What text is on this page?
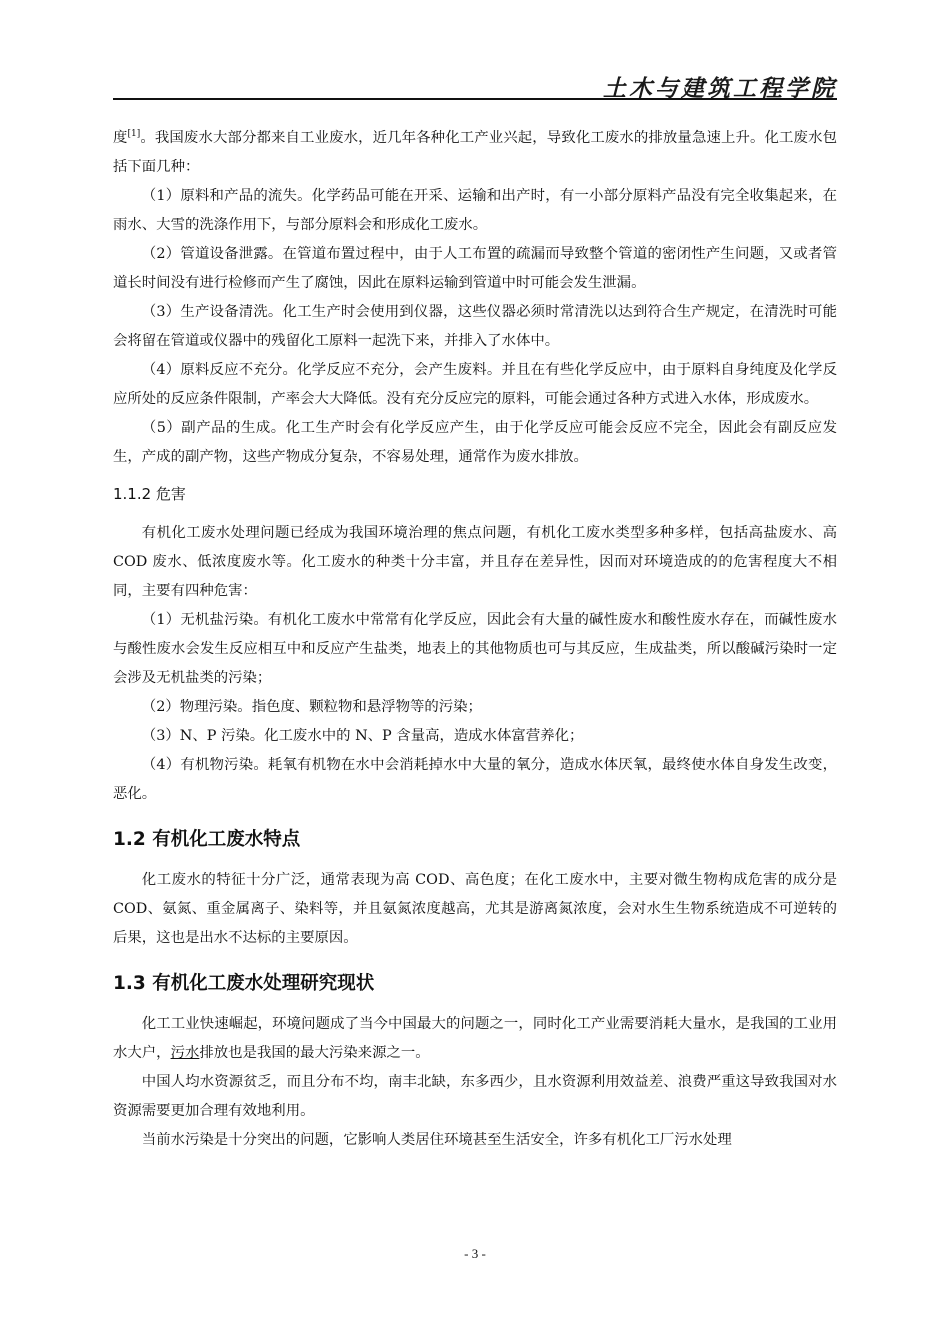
土木与建筑工程学院

度[1]。我国废水大部分都来自工业废水，近几年各种化工产业兴起，导致化工废水的排放量急速上升。化工废水包括下面几种：

（1）原料和产品的流失。化学药品可能在开采、运输和出产时，有一小部分原料产品没有完全收集起来，在雨水、大雪的洗涤作用下，与部分原料会和形成化工废水。

（2）管道设备泄露。在管道布置过程中，由于人工布置的疏漏而导致整个管道的密闭性产生问题，又或者管道长时间没有进行检修而产生了腐蚀，因此在原料运输到管道中时可能会发生泄漏。

（3）生产设备清洗。化工生产时会使用到仪器，这些仪器必须时常清洗以达到符合生产规定，在清洗时可能会将留在管道或仪器中的残留化工原料一起洗下来，并排入了水体中。

（4）原料反应不充分。化学反应不充分，会产生废料。并且在有些化学反应中，由于原料自身纯度及化学反应所处的反应条件限制，产率会大大降低。没有充分反应完的原料，可能会通过各种方式进入水体，形成废水。

（5）副产品的生成。化工生产时会有化学反应产生，由于化学反应可能会反应不完全，因此会有副反应发生，产成的副产物，这些产物成分复杂，不容易处理，通常作为废水排放。

1.1.2 危害

有机化工废水处理问题已经成为我国环境治理的焦点问题，有机化工废水类型多种多样，包括高盐废水、高 COD 废水、低浓度废水等。化工废水的种类十分丰富，并且存在差异性，因而对环境造成的的危害程度大不相同，主要有四种危害：

（1）无机盐污染。有机化工废水中常常有化学反应，因此会有大量的碱性废水和酸性废水存在，而碱性废水与酸性废水会发生反应相互中和反应产生盐类，地表上的其他物质也可与其反应，生成盐类，所以酸碱污染时一定会涉及无机盐类的污染；

（2）物理污染。指色度、颗粒物和悬浮物等的污染；

（3）N、P 污染。化工废水中的 N、P 含量高，造成水体富营养化；

（4）有机物污染。耗氧有机物在水中会消耗掉水中大量的氧分，造成水体厌氧，最终使水体自身发生改变，恶化。

1.2 有机化工废水特点

化工废水的特征十分广泛，通常表现为高 COD、高色度；在化工废水中，主要对微生物构成危害的成分是 COD、氨氮、重金属离子、染料等，并且氨氮浓度越高，尤其是游离氮浓度，会对水生生物系统造成不可逆转的后果，这也是出水不达标的主要原因。

1.3 有机化工废水处理研究现状

化工工业快速崛起，环境问题成了当今中国最大的问题之一，同时化工产业需要消耗大量水，是我国的工业用水大户，污水排放也是我国的最大污染来源之一。

中国人均水资源贫乏，而且分布不均，南丰北缺，东多西少，且水资源利用效益差、浪费严重这导致我国对水资源需要更加合理有效地利用。

当前水污染是十分突出的问题，它影响人类居住环境甚至生活安全，许多有机化工厂污水处理

- 3 -
